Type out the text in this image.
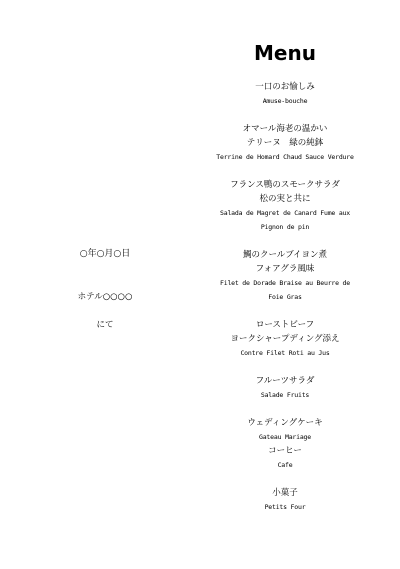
Menu
○年○月○日
ホテル○○○○
にて
一口のお愉しみ
Amuse-bouche
オマール海老の温かい
テリーヌ　緑の純鉢
Terrine de Homard Chaud Sauce Verdure
フランス鴨のスモークサラダ
松の実と共に
Salada de Magret de Canard Fume aux
Pignon de pin
鯛のクールブイヨン煮
フォアグラ風味
Filet de Dorade Braise au Beurre de
Foie Gras
ローストビーフ
ヨークシャープディング添え
Contre Filet Roti au Jus
フルーツサラダ
Salade Fruits
ウェディングケーキ
Gateau Mariage
コーヒー
Cafe
小菓子
Petits Four
